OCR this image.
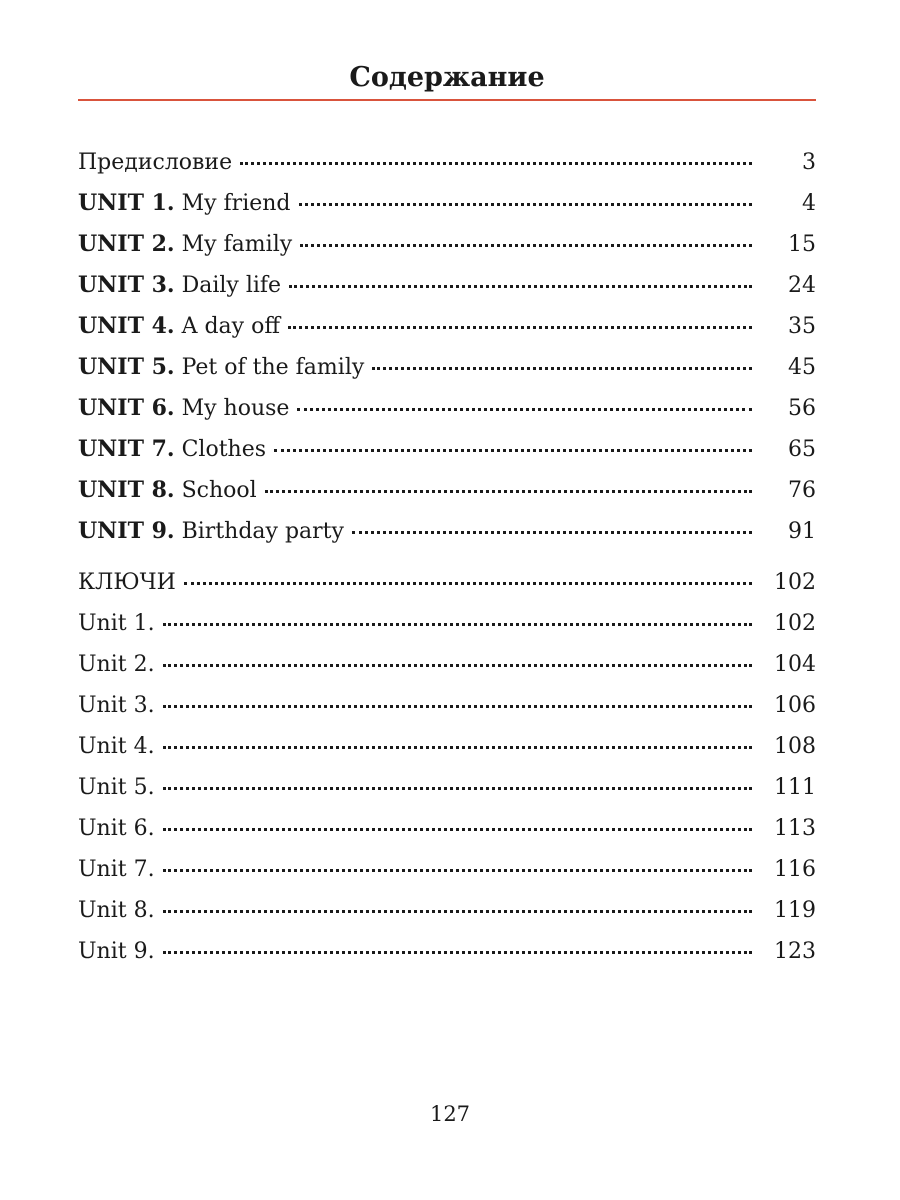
Содержание
Предисловие	3
UNIT 1. My friend	4
UNIT 2. My family	15
UNIT 3. Daily life	24
UNIT 4. A day off	35
UNIT 5. Pet of the family	45
UNIT 6. My house	56
UNIT 7. Clothes	65
UNIT 8. School	76
UNIT 9. Birthday party	91
КЛЮЧИ	102
Unit 1.	102
Unit 2.	104
Unit 3.	106
Unit 4.	108
Unit 5.	111
Unit 6.	113
Unit 7.	116
Unit 8.	119
Unit 9.	123
127
